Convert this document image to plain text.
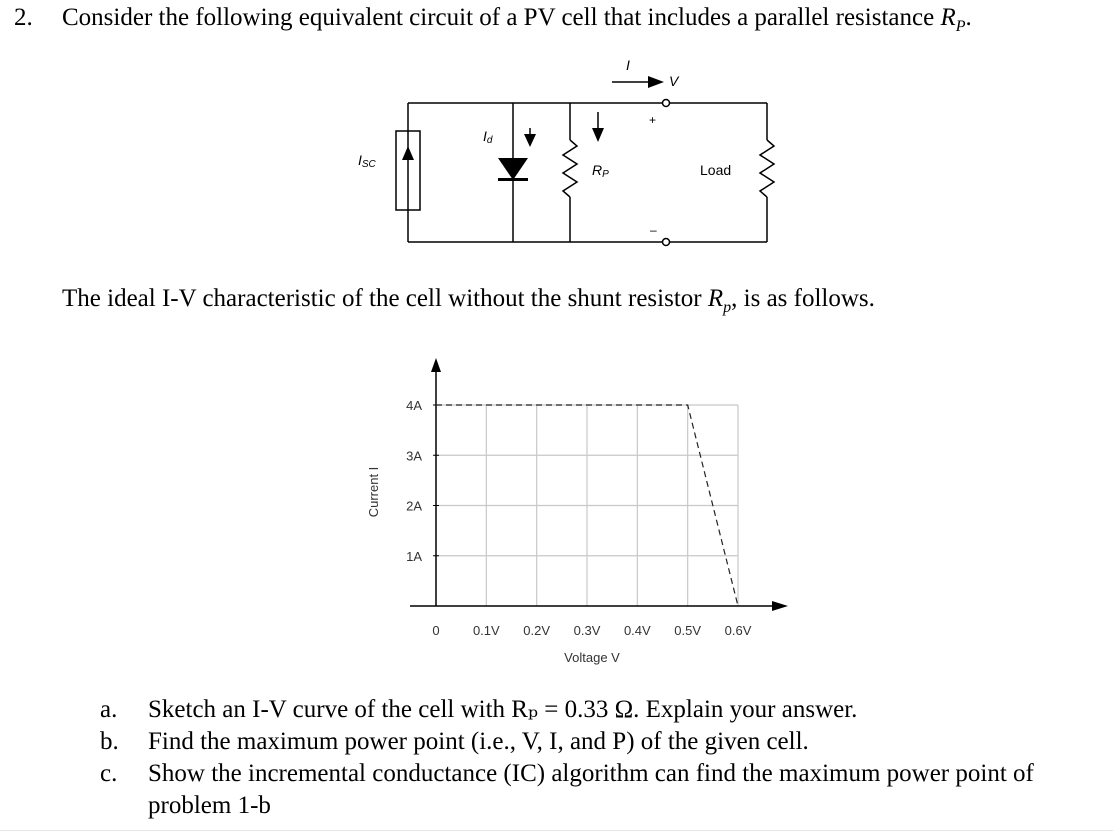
2. Consider the following equivalent circuit of a PV cell that includes a parallel resistance $R_P$.
ISC
Id
RP
I
V
+
–
Load
The ideal I-V characteristic of the cell without the shunt resistor $R_p$, is as follows.
0	0.1V 0.2V 0.3V 0.4V 0.5V 0.6V
1A
2A
3A
4A
Voltage V
Current I
a.	Sketch an I-V curve of the cell with Rₚ = 0.33 Ω. Explain your answer.
b.	Find the maximum power point (i.e., V, I, and P) of the given cell.
c.	Show the incremental conductance (IC) algorithm can find the maximum power point of problem 1-b
